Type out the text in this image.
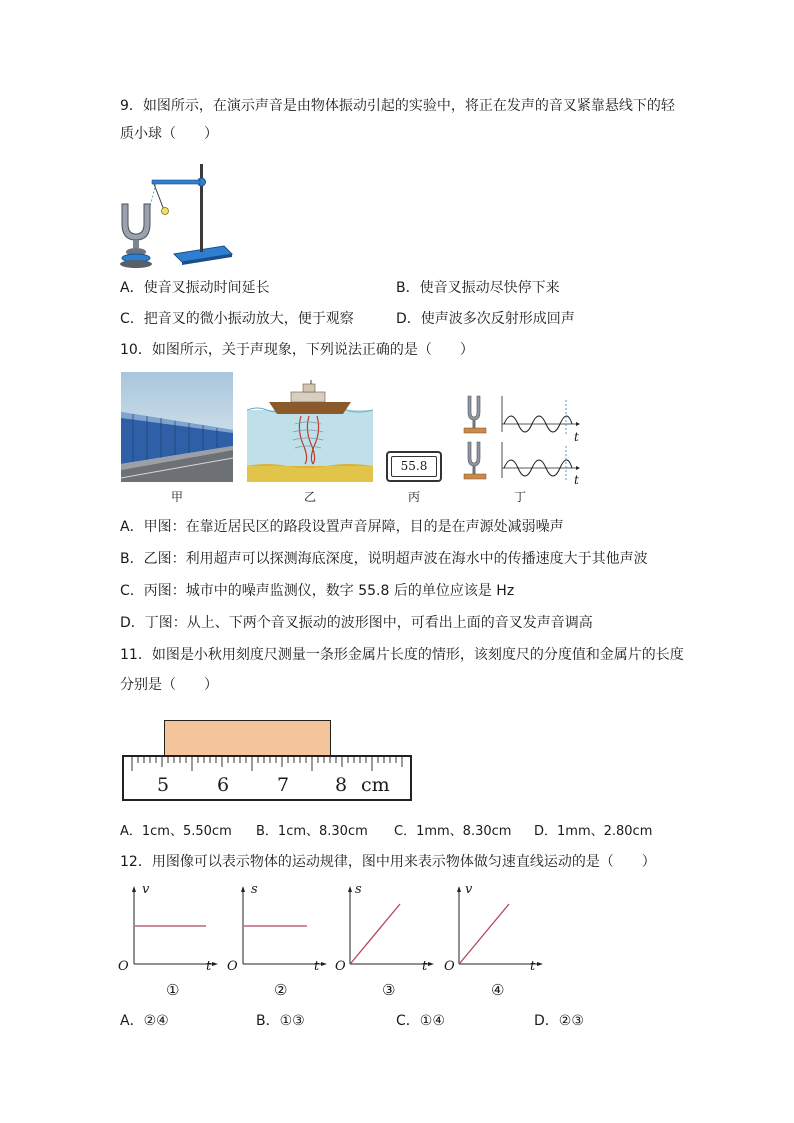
9．如图所示，在演示声音是由物体振动引起的实验中，将正在发声的音叉紧靠悬线下的轻
质小球（　　）
A．使音叉振动时间延长	B．使音叉振动尽快停下来
C．把音叉的微小振动放大，便于观察	D．使声波多次反射形成回声
10．如图所示，关于声现象，下列说法正确的是（　　）
甲	乙
55.8
丙
t
t
丁
A．甲图：在靠近居民区的路段设置声音屏障，目的是在声源处减弱噪声
B．乙图：利用超声可以探测海底深度，说明超声波在海水中的传播速度大于其他声波
C．丙图：城市中的噪声监测仪，数字 55.8 后的单位应该是 Hz
D．丁图：从上、下两个音叉振动的波形图中，可看出上面的音叉发声音调高
11．如图是小秋用刻度尺测量一条形金属片长度的情形，该刻度尺的分度值和金属片的长度
分别是（　　）
5	6	7 8 cm
A．1cm、5.50cm B．1cm、8.30cm C．1mm、8.30cm D．1mm、2.80cm
12．用图像可以表示物体的运动规律，图中用来表示物体做匀速直线运动的是（　　）
v
O	t
①
s
O	t
②
s
O	t
③
v
O	t
④
A．②④	B．①③	C．①④	D．②③
